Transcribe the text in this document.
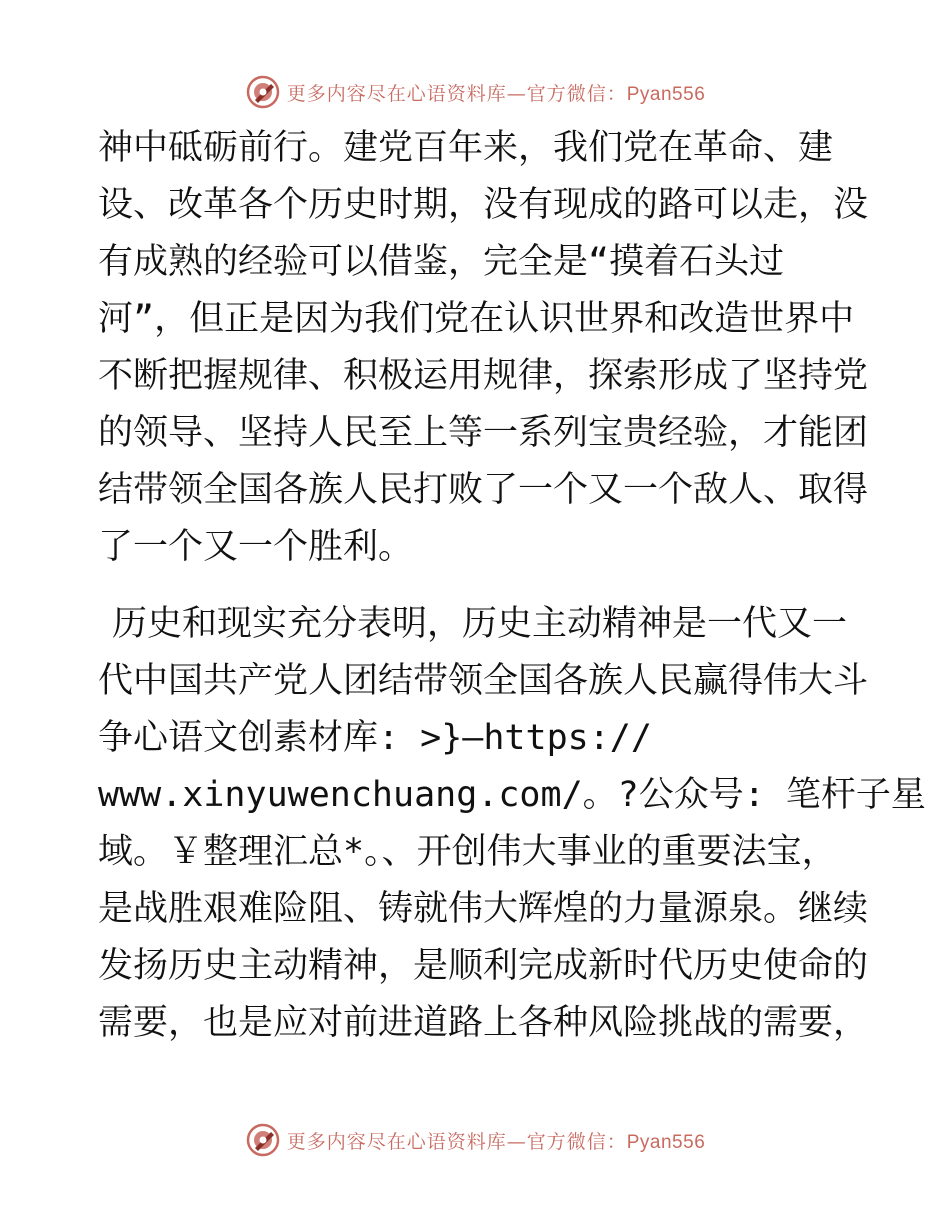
更多内容尽在心语资料库—官方微信：Pyan556
神中砥砺前行。建党百年来，我们党在革命、建
设、改革各个历史时期，没有现成的路可以走，没
有成熟的经验可以借鉴，完全是“摸着石头过
河”，但正是因为我们党在认识世界和改造世界中
不断把握规律、积极运用规律，探索形成了坚持党
的领导、坚持人民至上等一系列宝贵经验，才能团
结带领全国各族人民打败了一个又一个敌人、取得
了一个又一个胜利。
历史和现实充分表明，历史主动精神是一代又一
代中国共产党人团结带领全国各族人民赢得伟大斗
争心语文创素材库: >}—https://
www.xinyuwenchuang.com/。?公众号: 笔杆子星
域。￥整理汇总*。、开创伟大事业的重要法宝，
是战胜艰难险阻、铸就伟大辉煌的力量源泉。继续
发扬历史主动精神，是顺利完成新时代历史使命的
需要，也是应对前进道路上各种风险挑战的需要，
更多内容尽在心语资料库—官方微信：Pyan556
